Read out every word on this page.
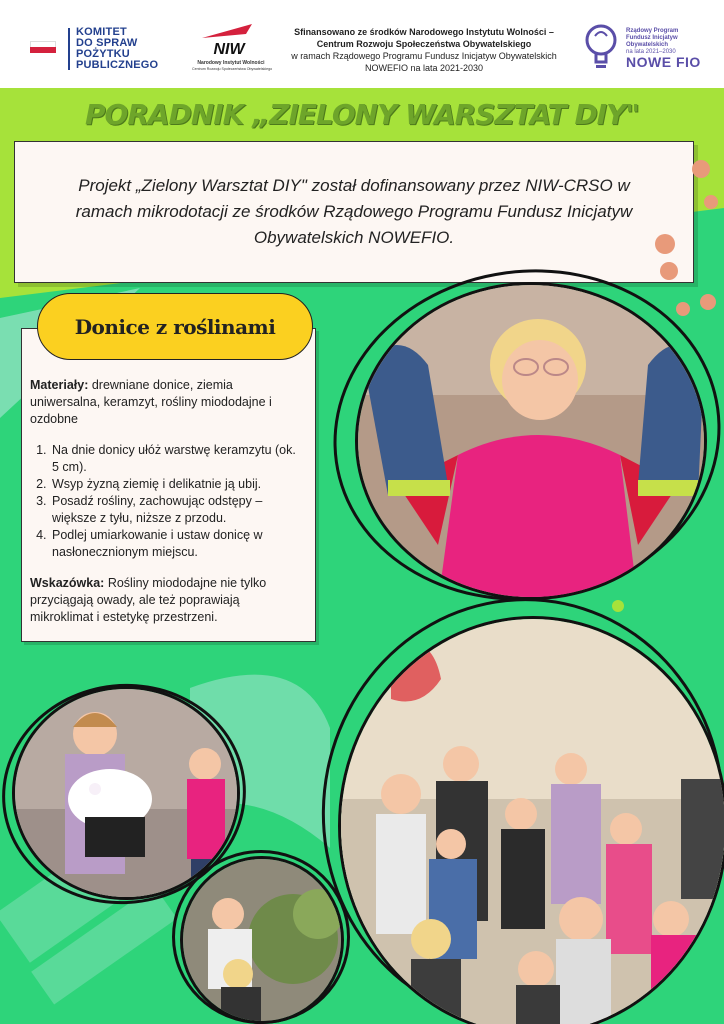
KOMITET
DO SPRAW
POŻYTKU
PUBLICZNEGO
NIW
Narodowy Instytut Wolności
Centrum Rozwoju Społeczeństwa Obywatelskiego
Sfinansowano ze środków Narodowego Instytutu Wolności –
Centrum Rozwoju Społeczeństwa Obywatelskiego
w ramach Rządowego Programu Fundusz Inicjatyw Obywatelskich
NOWEFIO na lata 2021-2030
Rządowy Program
Fundusz Inicjatyw
Obywatelskich
na lata 2021–2030
NOWE FIO
PORADNIK „ZIELONY WARSZTAT DIY"

Projekt „Zielony Warsztat DIY" został dofinansowany przez NIW-CRSO w ramach mikrodotacji ze środków Rządowego Programu Fundusz Inicjatyw Obywatelskich NOWEFIO.

Materiały: drewniane donice, ziemia uniwersalna, keramzyt, rośliny miododajne i ozdobne

1. Na dnie donicy ułóż warstwę keramzytu (ok. 5 cm).
2. Wsyp żyzną ziemię i delikatnie ją ubij.
3. Posadź rośliny, zachowując odstępy – większe z tyłu, niższe z przodu.
4. Podlej umiarkowanie i ustaw donicę w nasłonecznionym miejscu.

Wskazówka: Rośliny miododajne nie tylko przyciągają owady, ale też poprawiają mikroklimat i estetykę przestrzeni.

Donice z roślinami
